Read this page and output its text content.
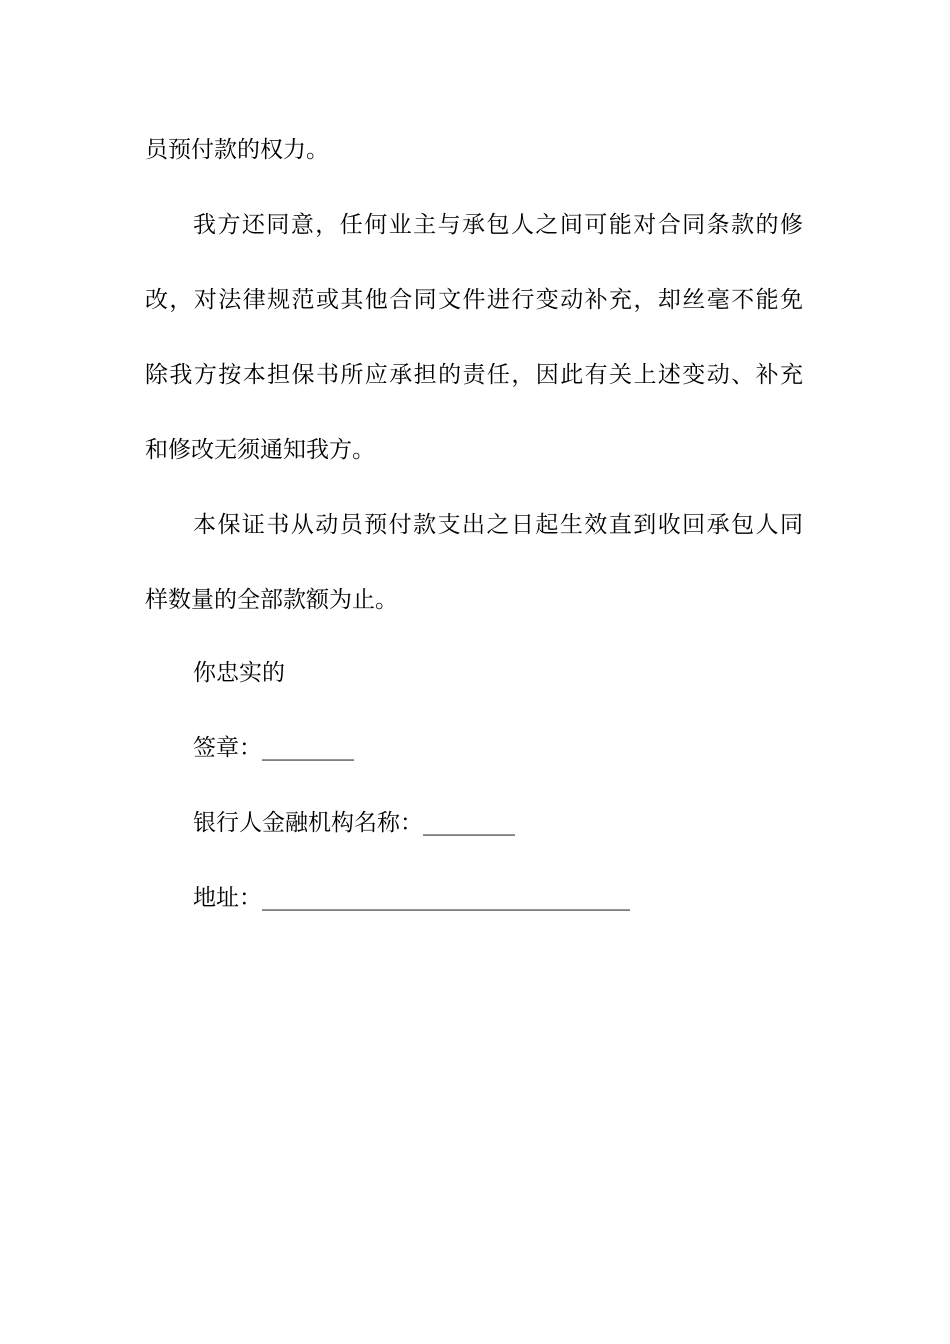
员预付款的权力。

我方还同意，任何业主与承包人之间可能对合同条款的修

改，对法律规范或其他合同文件进行变动补充，却丝毫不能免

除我方按本担保书所应承担的责任，因此有关上述变动、补充

和修改无须通知我方。

本保证书从动员预付款支出之日起生效直到收回承包人同

样数量的全部款额为止。

你忠实的

签章：________

银行人金融机构名称：________

地址：________________________________
